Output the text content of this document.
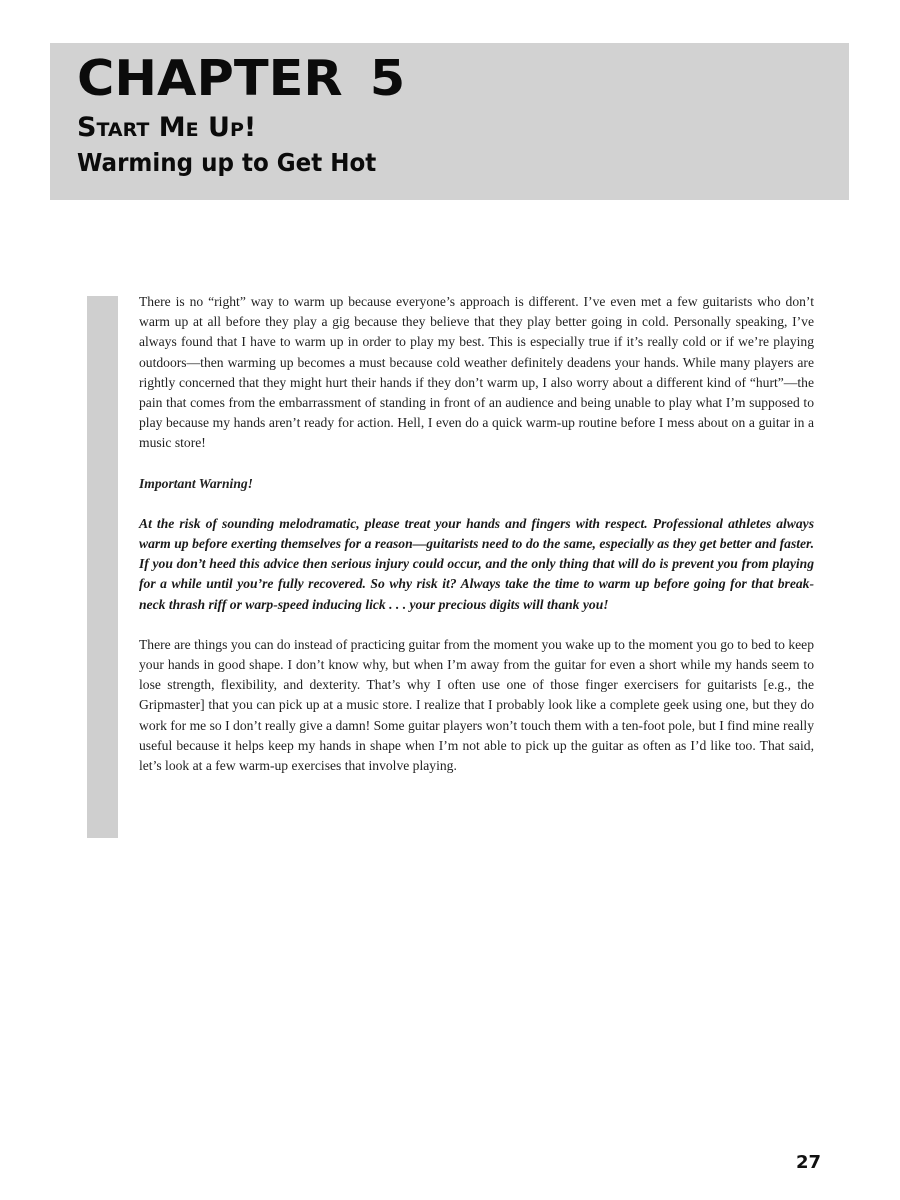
CHAPTER 5
Start Me Up!
Warming up to Get Hot

There is no “right” way to warm up because everyone’s approach is different. I’ve even met a few guitarists who don’t warm up at all before they play a gig because they believe that they play better going in cold. Personally speaking, I’ve always found that I have to warm up in order to play my best. This is especially true if it’s really cold or if we’re playing outdoors—then warming up becomes a must because cold weather definitely deadens your hands. While many players are rightly concerned that they might hurt their hands if they don’t warm up, I also worry about a different kind of “hurt”—the pain that comes from the embarrassment of standing in front of an audience and being unable to play what I’m supposed to play because my hands aren’t ready for action. Hell, I even do a quick warm-up routine before I mess about on a guitar in a music store!

Important Warning!

At the risk of sounding melodramatic, please treat your hands and fingers with respect. Professional athletes always warm up before exerting themselves for a reason—guitarists need to do the same, especially as they get better and faster. If you don’t heed this advice then serious injury could occur, and the only thing that will do is prevent you from playing for a while until you’re fully recovered. So why risk it? Always take the time to warm up before going for that break-neck thrash riff or warp-speed inducing lick . . . your precious digits will thank you!

There are things you can do instead of practicing guitar from the moment you wake up to the moment you go to bed to keep your hands in good shape. I don’t know why, but when I’m away from the guitar for even a short while my hands seem to lose strength, flexibility, and dexterity. That’s why I often use one of those finger exercisers for guitarists [e.g., the Gripmaster] that you can pick up at a music store. I realize that I probably look like a complete geek using one, but they do work for me so I don’t really give a damn! Some guitar players won’t touch them with a ten-foot pole, but I find mine really useful because it helps keep my hands in shape when I’m not able to pick up the guitar as often as I’d like too. That said, let’s look at a few warm-up exercises that involve playing.

27
